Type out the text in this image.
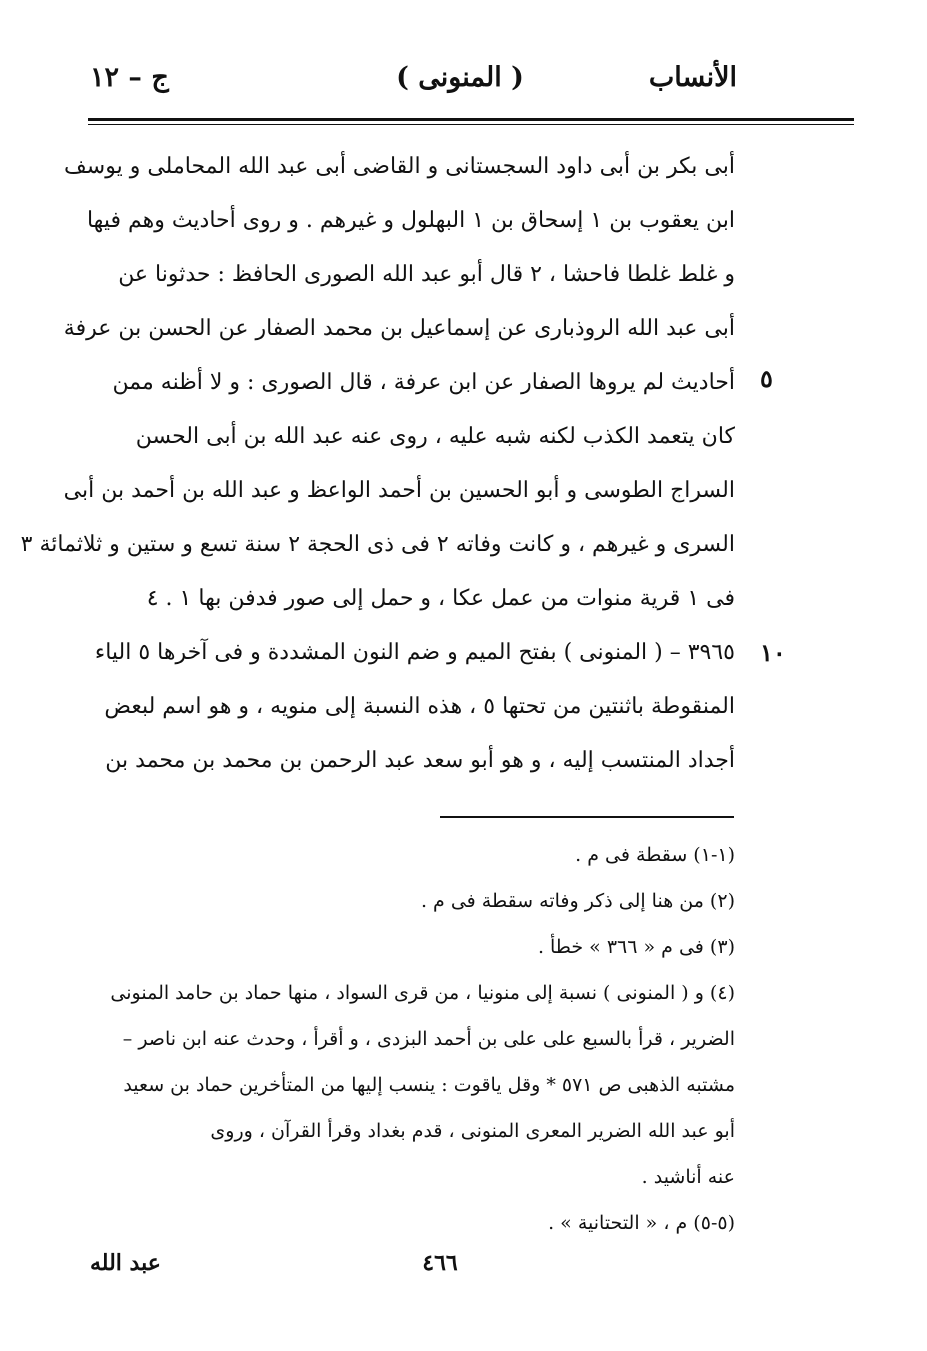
الأنساب
( المنونى )
ج – ١٢
أبى بكر بن أبى داود السجستانى و القاضى أبى عبد الله المحاملى و يوسف
ابن يعقوب بن ١ إسحاق بن ١ البهلول و غيرهم . و روى أحاديث وهم فيها
و غلط غلطا فاحشا ، ٢ قال أبو عبد الله الصورى الحافظ : حدثونا عن
أبى عبد الله الروذبارى عن إسماعيل بن محمد الصفار عن الحسن بن عرفة
أحاديث لم يروها الصفار عن ابن عرفة ، قال الصورى : و لا أظنه ممن
كان يتعمد الكذب لكنه شبه عليه ، روى عنه عبد الله بن أبى الحسن
السراج الطوسى و أبو الحسين بن أحمد الواعظ و عبد الله بن أحمد بن أبى
السرى و غيرهم ، و كانت وفاته ٢ فى ذى الحجة ٢ سنة تسع و ستين و ثلاثمائة ٣
فى ١ قرية منوات من عمل عكا ، و حمل إلى صور فدفن بها ١ . ٤
٣٩٦٥ – ( المنونى ) بفتح الميم و ضم النون المشددة و فى آخرها ٥ الياء
المنقوطة باثنتين من تحتها ٥ ، هذه النسبة إلى منويه ، و هو اسم لبعض
أجداد المنتسب إليه ، و هو أبو سعد عبد الرحمن بن محمد بن محمد بن
٥
١٠
(١-١) سقطة فى م .
(٢) من هنا إلى ذكر وفاته سقطة فى م .
(٣) فى م « ٣٦٦ » خطأ .
(٤) و ( المنونى ) نسبة إلى منونيا ، من قرى السواد ، منها حماد بن حامد المنونى
الضرير ، قرأ بالسبع على على بن أحمد البزدى ، و أقرأ ، وحدث عنه ابن ناصر –
مشتبه الذهبى ص ٥٧١ * وقل ياقوت : ينسب إليها من المتأخرين حماد بن سعيد
أبو عبد الله الضرير المعرى المنونى ، قدم بغداد وقرأ القرآن ، وروى
عنه أناشيد .
(٥-٥) م ، « التحتانية » .
٤٦٦
عبد الله
